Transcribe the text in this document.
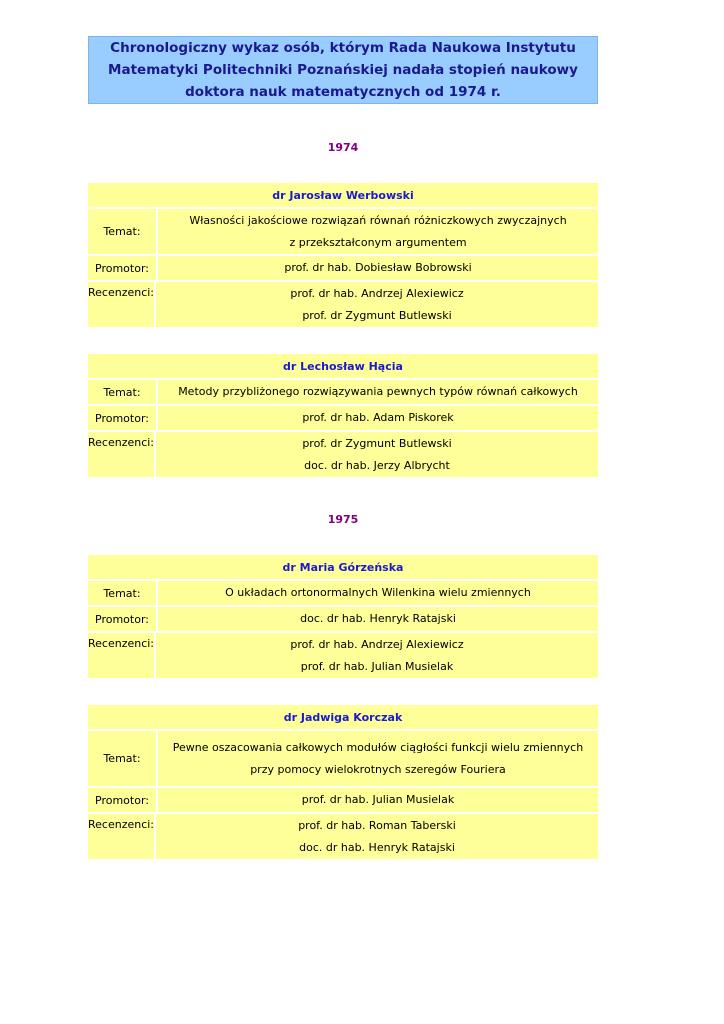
Chronologiczny wykaz osób, którym Rada Naukowa Instytutu
Matematyki Politechniki Poznańskiej nadała stopień naukowy
doktora nauk matematycznych od 1974 r.
1974
dr Jarosław Werbowski
Temat:
Własności jakościowe rozwiązań równań różniczkowych zwyczajnych
z przekształconym argumentem
Promotor:	prof. dr hab. Dobiesław Bobrowski
Recenzenci:	prof. dr hab. Andrzej Alexiewicz
prof. dr Zygmunt Butlewski
dr Lechosław Hącia
Temat:	Metody przybliżonego rozwiązywania pewnych typów równań całkowych
Promotor:	prof. dr hab. Adam Piskorek
Recenzenci:	prof. dr Zygmunt Butlewski
doc. dr hab. Jerzy Albrycht
1975
dr Maria Górzeńska
Temat:	O układach ortonormalnych Wilenkina wielu zmiennych
Promotor:	doc. dr hab. Henryk Ratajski
Recenzenci:	prof. dr hab. Andrzej Alexiewicz
prof. dr hab. Julian Musielak
dr Jadwiga Korczak
Temat:
Pewne oszacowania całkowych modułów ciągłości funkcji wielu zmiennych
przy pomocy wielokrotnych szeregów Fouriera
Promotor:	prof. dr hab. Julian Musielak
Recenzenci:	prof. dr hab. Roman Taberski
doc. dr hab. Henryk Ratajski
